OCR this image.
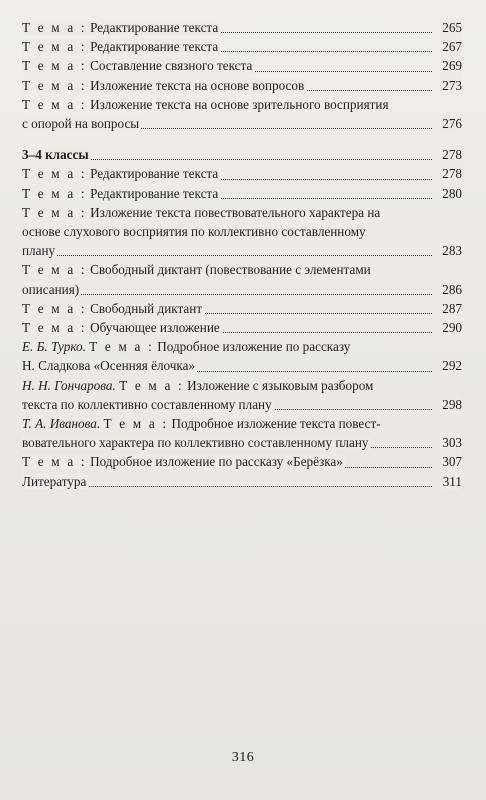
Т е м а : Редактирование текста	265
Т е м а : Редактирование текста	267
Т е м а : Составление связного текста	269
Т е м а : Изложение текста на основе вопросов	273
Т е м а : Изложение текста на основе зрительного восприятия
с опорой на вопросы	276
3–4 классы	278
Т е м а : Редактирование текста	278
Т е м а : Редактирование текста	280
Т е м а : Изложение текста повествовательного характера на
основе слухового восприятия по коллективно составленному
плану	283
Т е м а : Свободный диктант (повествование с элементами
описания)	286
Т е м а : Свободный диктант	287
Т е м а : Обучающее изложение	290
Е. Б. Турко. Т е м а : Подробное изложение по рассказу
Н. Сладкова «Осенняя ёлочка»	292
Н. Н. Гончарова. Т е м а : Изложение с языковым разбором
текста по коллективно составленному плану	298
Т. А. Иванова. Т е м а : Подробное изложение текста повест-
вовательного характера по коллективно составленному плану	303
Т е м а : Подробное изложение по рассказу «Берёзка»	307
Литература	311
316
